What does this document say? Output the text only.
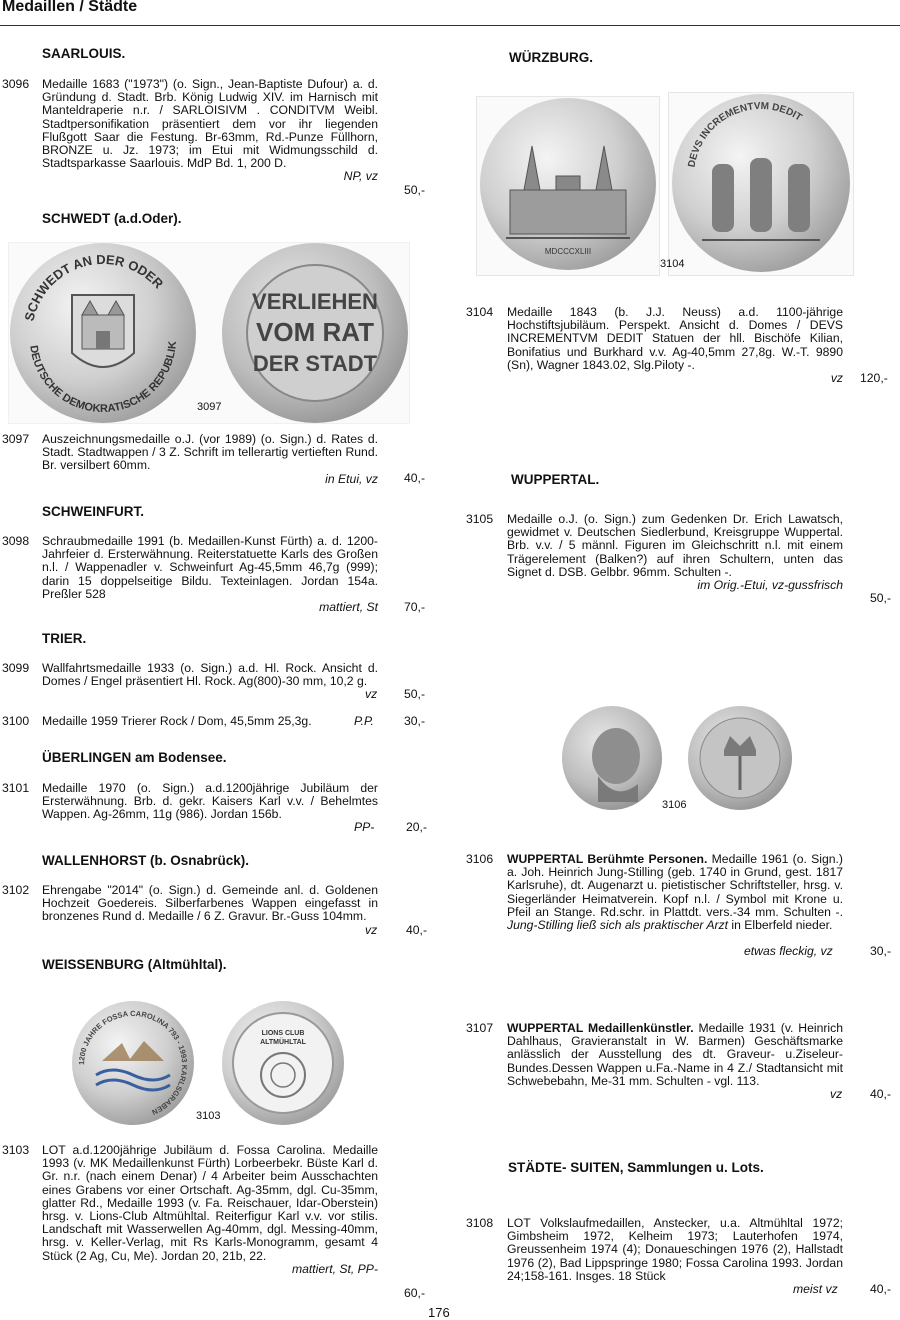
Medaillen / Städte
SAARLOUIS.
3096 Medaille 1683 ("1973") (o. Sign., Jean-Baptiste Dufour) a. d. Gründung d. Stadt. Brb. König Ludwig XIV. im Harnisch mit Manteldraperie n.r. / SARLOISIVM . CONDITVM Weibl. Stadtpersonifikation präsentiert dem vor ihr liegenden Flußgott Saar die Festung. Br-63mm, Rd.-Punze Füllhorn, BRONZE u. Jz. 1973; im Etui mit Widmungsschild d. Stadtsparkasse Saarlouis. MdP Bd. 1, 200 D.
NP, vz
50,-
SCHWEDT (a.d.Oder).
SCHWEDT AN DER ODER
DEUTSCHE DEMOKRATISCHE REPUBLIK
VERLIEHEN
VOM RAT
DER STADT
3097
3097 Auszeichnungsmedaille o.J. (vor 1989) (o. Sign.) d. Rates d. Stadt. Stadtwappen / 3 Z. Schrift im tellerartig vertieften Rund. Br. versilbert 60mm.
in Etui, vz 40,-
SCHWEINFURT.
3098 Schraubmedaille 1991 (b. Medaillen-Kunst Fürth) a. d. 1200-Jahrfeier d. Ersterwähnung. Reiterstatuette Karls des Großen n.l. / Wappenadler v. Schweinfurt Ag-45,5mm 46,7g (999); darin 15 doppelseitige Bildu. Texteinlagen. Jordan 154a. Preßler 528
mattiert, St 70,-
TRIER.
3099 Wallfahrtsmedaille 1933 (o. Sign.) a.d. Hl. Rock. Ansicht d. Domes / Engel präsentiert Hl. Rock. Ag(800)-30 mm, 10,2 g.
vz 50,-
3100 Medaille 1959 Trierer Rock / Dom, 45,5mm 25,3g.	P.P. 30,-
ÜBERLINGEN am Bodensee.
3101 Medaille 1970 (o. Sign.) a.d.1200jährige Jubiläum der Ersterwähnung. Brb. d. gekr. Kaisers Karl v.v. / Behelmtes Wappen. Ag-26mm, 11g (986). Jordan 156b.
PP-	20,-
WALLENHORST (b. Osnabrück).
3102 Ehrengabe "2014" (o. Sign.) d. Gemeinde anl. d. Goldenen Hochzeit Goedereis. Silberfarbenes Wappen eingefasst in bronzenes Rund d. Medaille / 6 Z. Gravur. Br.-Guss 104mm.
vz 40,-
WEISSENBURG (Altmühltal).
1200 JAHRE FOSSA CAROLINA 793 - 1993 KARLSGRABEN
LIONS CLUB
ALTMÜHLTAL
3103
3103 LOT a.d.1200jährige Jubiläum d. Fossa Carolina. Medaille 1993 (v. MK Medaillenkunst Fürth) Lorbeerbekr. Büste Karl d. Gr. n.r. (nach einem Denar) / 4 Arbeiter beim Ausschachten eines Grabens vor einer Ortschaft. Ag-35mm, dgl. Cu-35mm, glatter Rd., Medaille 1993 (v. Fa. Reischauer, Idar-Oberstein) hrsg. v. Lions-Club Altmühltal. Reiterfigur Karl v.v. vor stilis. Landschaft mit Wasserwellen Ag-40mm, dgl. Messing-40mm, hrsg. v. Keller-Verlag, mit Rs Karls-Monogramm, gesamt 4 Stück (2 Ag, Cu, Me). Jordan 20, 21b, 22.
mattiert, St, PP-
60,-
176
WÜRZBURG.
MDCCCXLIII
DEVS INCREMENTVM DEDIT
3104
3104 Medaille 1843 (b. J.J. Neuss) a.d. 1100-jährige Hochstiftsjubiläum. Perspekt. Ansicht d. Domes / DEVS INCREMENTVM DEDIT Statuen der hll. Bischöfe Kilian, Bonifatius und Burkhard v.v. Ag-40,5mm 27,8g. W.-T. 9890 (Sn), Wagner 1843.02, Slg.Piloty -.
vz 120,-
WUPPERTAL.
3105 Medaille o.J. (o. Sign.) zum Gedenken Dr. Erich Lawatsch, gewidmet v. Deutschen Siedlerbund, Kreisgruppe Wuppertal. Brb. v.v. / 5 männl. Figuren im Gleichschritt n.l. mit einem Trägerelement (Balken?) auf ihren Schultern, unten das Signet d. DSB. Gelbbr. 96mm. Schulten -.
im Orig.-Etui, vz-gussfrisch
50,-
3106
3106 WUPPERTAL Berühmte Personen. Medaille 1961 (o. Sign.) a. Joh. Heinrich Jung-Stilling (geb. 1740 in Grund, gest. 1817 Karlsruhe), dt. Augenarzt u. pietistischer Schriftsteller, hrsg. v. Siegerländer Heimatverein. Kopf n.l. / Symbol mit Krone u. Pfeil an Stange. Rd.schr. in Plattdt. vers.-34 mm. Schulten -. Jung-Stilling ließ sich als praktischer Arzt in Elberfeld nieder.
etwas fleckig, vz	30,-
3107 WUPPERTAL Medaillenkünstler. Medaille 1931 (v. Heinrich Dahlhaus, Gravieranstalt in W. Barmen) Geschäftsmarke anlässlich der Ausstellung des dt. Graveur- u.Ziseleur- Bundes.Dessen Wappen u.Fa.-Name in 4 Z./ Stadtansicht mit Schwebebahn, Me-31 mm. Schulten - vgl. 113.
vz 40,-
STÄDTE- SUITEN, Sammlungen u. Lots.
3108 LOT Volkslaufmedaillen, Anstecker, u.a. Altmühltal 1972; Gimbsheim 1972, Kelheim 1973; Lauterhofen 1974, Greussenheim 1974 (4); Donaueschingen 1976 (2), Hallstadt 1976 (2), Bad Lippspringe 1980; Fossa Carolina 1993. Jordan 24;158-161. Insges. 18 Stück
meist vz	40,-
